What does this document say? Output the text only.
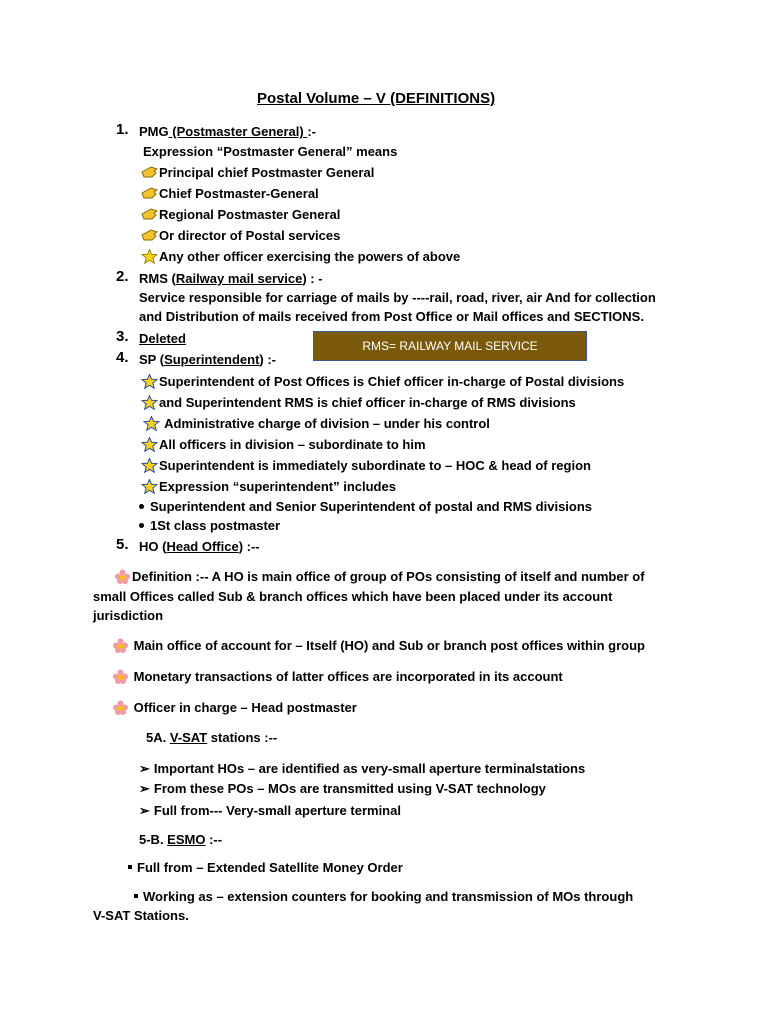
Postal Volume – V (DEFINITIONS)
1. PMG (Postmaster General) :-
Expression “Postmaster General” means
Principal chief Postmaster General
Chief Postmaster-General
Regional Postmaster General
Or director of Postal services
Any other officer exercising the powers of above
2. RMS (Railway mail service) : -
Service responsible for carriage of mails by ----rail, road, river, air And for collection
and Distribution of mails received from Post Office or Mail offices and SECTIONS.
3. Deleted	RMS= RAILWAY MAIL SERVICE
4. SP (Superintendent) :-
Superintendent of Post Offices is Chief officer in-charge of Postal divisions
and Superintendent RMS is chief officer in-charge of RMS divisions
Administrative charge of division – under his control
All officers in division – subordinate to him
Superintendent is immediately subordinate to – HOC & head of region
Expression “superintendent” includes
Superintendent and Senior Superintendent of postal and RMS divisions
1St class postmaster
5. HO (Head Office) :--
Definition :-- A HO is main office of group of POs consisting of itself and number of
small Offices called Sub & branch offices which have been placed under its account
jurisdiction
Main office of account for – Itself (HO) and Sub or branch post offices within group
Monetary transactions of latter offices are incorporated in its account
Officer in charge – Head postmaster
5A. V-SAT stations :--
➢ Important HOs – are identified as very-small aperture terminalstations
➢ From these POs – MOs are transmitted using V-SAT technology
➢ Full from--- Very-small aperture terminal
5-B. ESMO :--
Full from – Extended Satellite Money Order
Working as – extension counters for booking and transmission of MOs through
V-SAT Stations.
